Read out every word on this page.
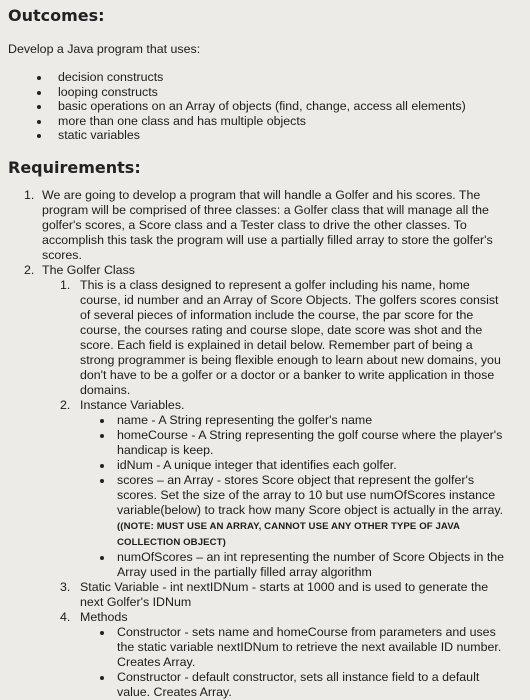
Outcomes:

Develop a Java program that uses:

decision constructs
looping constructs
basic operations on an Array of objects (find, change, access all elements)
more than one class and has multiple objects
static variables
Requirements:
1. We are going to develop a program that will handle a Golfer and his scores. The program will be comprised of three classes: a Golfer class that will manage all the golfer's scores, a Score class and a Tester class to drive the other classes. To accomplish this task the program will use a partially filled array to store the golfer's scores.
2. The Golfer Class
1. This is a class designed to represent a golfer including his name, home course, id number and an Array of Score Objects. The golfers scores consist of several pieces of information include the course, the par score for the course, the courses rating and course slope, date score was shot and the score. Each field is explained in detail below. Remember part of being a strong programmer is being flexible enough to learn about new domains, you don't have to be a golfer or a doctor or a banker to write application in those domains.
2. Instance Variables.
name - A String representing the golfer's name
homeCourse - A String representing the golf course where the player's handicap is keep.
idNum - A unique integer that identifies each golfer.
scores – an Array - stores Score object that represent the golfer's scores. Set the size of the array to 10 but use numOfScores instance variable(below) to track how many Score object is actually in the array. ((NOTE: MUST USE AN ARRAY, CANNOT USE ANY OTHER TYPE OF JAVA COLLECTION OBJECT)
numOfScores – an int representing the number of Score Objects in the Array used in the partially filled array algorithm
3. Static Variable - int nextIDNum - starts at 1000 and is used to generate the next Golfer's IDNum
4. Methods
Constructor - sets name and homeCourse from parameters and uses the static variable nextIDNum to retrieve the next available ID number. Creates Array.
Constructor - default constructor, sets all instance field to a default value. Creates Array.
